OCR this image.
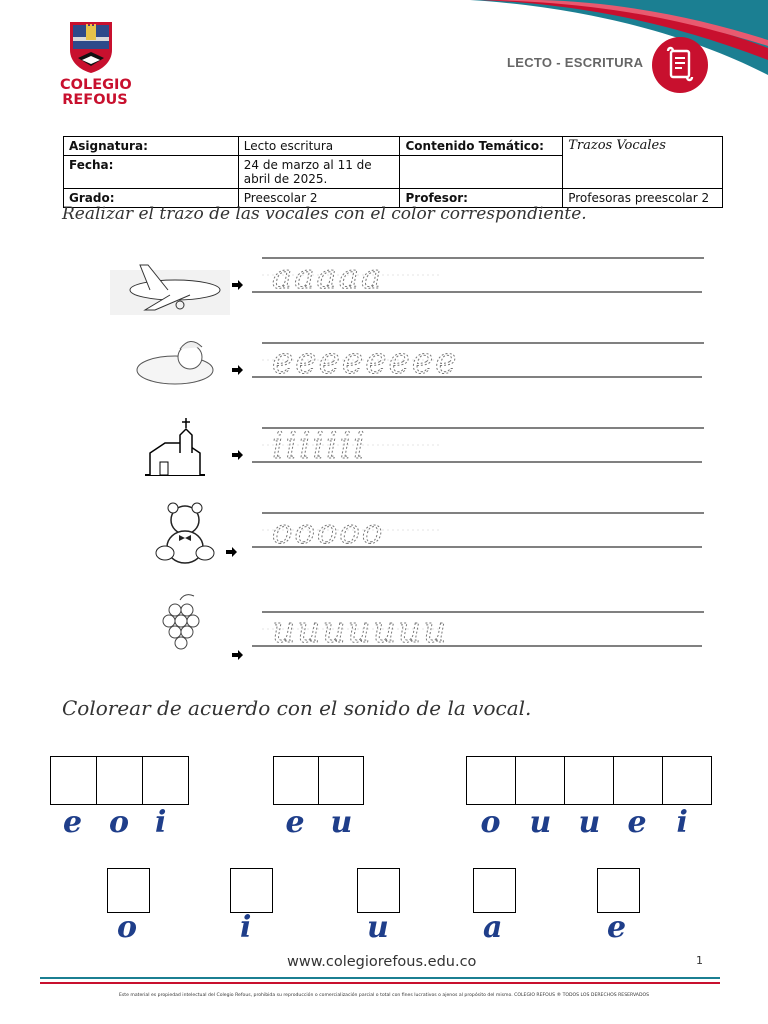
COLEGIO REFOUS
LECTO - ESCRITURA
Asignatura:	Lecto escritura	Contenido Temático:	Trazos Vocales
Fecha:	24 de marzo al 11 de abril de 2025.		
Grado:	Preescolar 2	Profesor:	Profesoras preescolar 2
Realizar el trazo de las vocales con el color correspondiente.
aaaaa
eeeeeeee
iiiiiii
ooooo
uuuuuuu
Colorear de acuerdo con el sonido de la vocal.
e o i	e u	o u u e i
o	i	u	a	e
www.colegiorefous.edu.co	1
Este material es propiedad intelectual del Colegio Refous, prohibida su reproducción o comercialización parcial o total con fines lucrativos o ajenos al propósito del mismo. COLEGIO REFOUS ® TODOS LOS DERECHOS RESERVADOS
